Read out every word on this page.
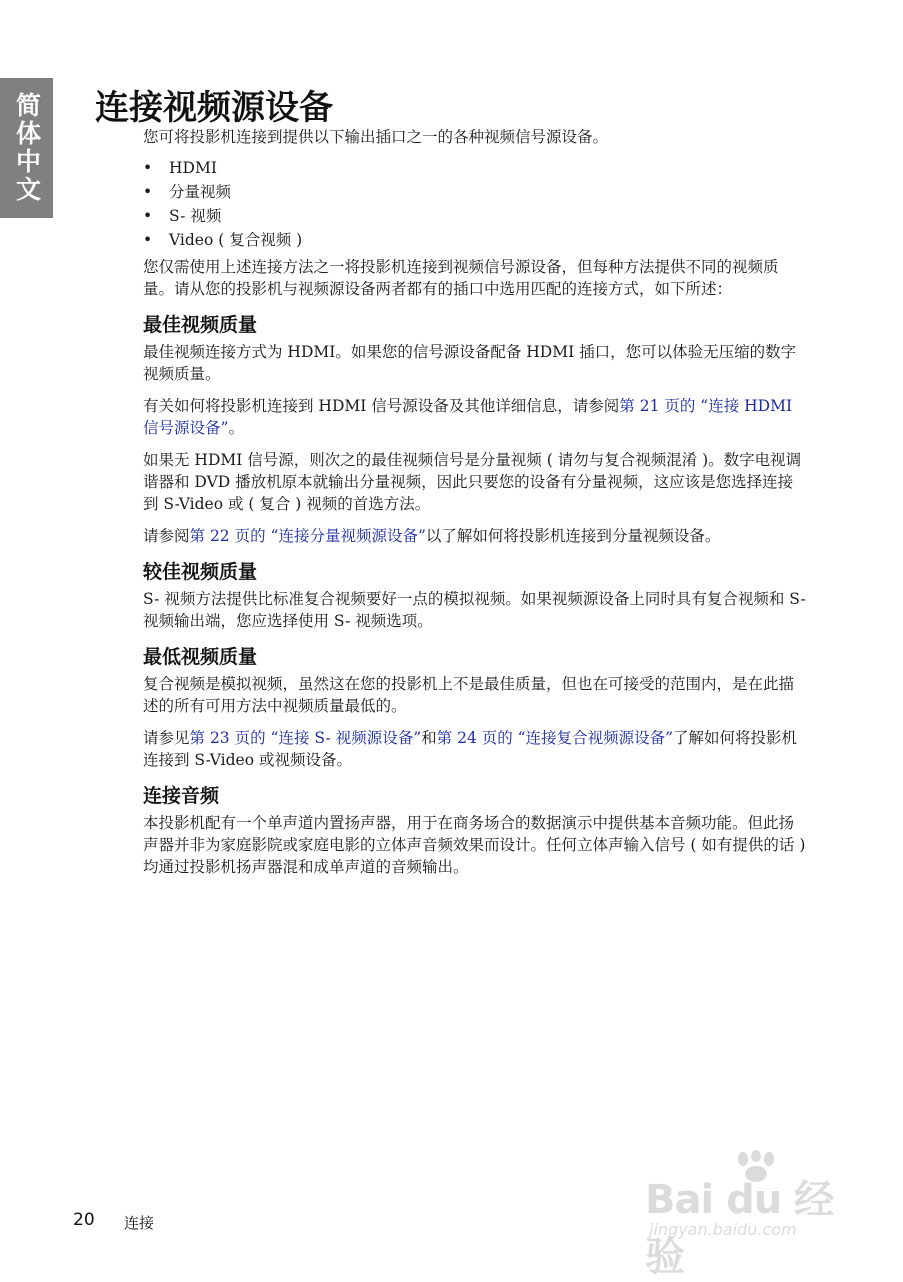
简体中文 连接视频源设备

您可将投影机连接到提供以下输出插口之一的各种视频信号源设备。

• HDMI
• 分量视频
• S- 视频
• Video ( 复合视频 )

您仅需使用上述连接方法之一将投影机连接到视频信号源设备，但每种方法提供不同的视频质量。请从您的投影机与视频源设备两者都有的插口中选用匹配的连接方式，如下所述：

最佳视频质量

最佳视频连接方式为 HDMI。如果您的信号源设备配备 HDMI 插口，您可以体验无压缩的数字视频质量。

有关如何将投影机连接到 HDMI 信号源设备及其他详细信息，请参阅第 21 页的 “连接 HDMI 信号源设备”。

如果无 HDMI 信号源，则次之的最佳视频信号是分量视频 ( 请勿与复合视频混淆 )。数字电视调谐器和 DVD 播放机原本就输出分量视频，因此只要您的设备有分量视频，这应该是您选择连接到 S-Video 或 ( 复合 ) 视频的首选方法。

请参阅第 22 页的 “连接分量视频源设备”以了解如何将投影机连接到分量视频设备。

较佳视频质量

S- 视频方法提供比标准复合视频要好一点的模拟视频。如果视频源设备上同时具有复合视频和 S- 视频输出端，您应选择使用 S- 视频选项。

最低视频质量

复合视频是模拟视频，虽然这在您的投影机上不是最佳质量，但也在可接受的范围内，是在此描述的所有可用方法中视频质量最低的。

请参见第 23 页的 “连接 S- 视频源设备”和第 24 页的 “连接复合视频源设备”了解如何将投影机连接到 S-Video 或视频设备。

连接音频

本投影机配有一个单声道内置扬声器，用于在商务场合的数据演示中提供基本音频功能。但此扬声器并非为家庭影院或家庭电影的立体声音频效果而设计。任何立体声输入信号 ( 如有提供的话 ) 均通过投影机扬声器混和成单声道的音频输出。

20 连接	Bai du 经验
jingyan.baidu.com
